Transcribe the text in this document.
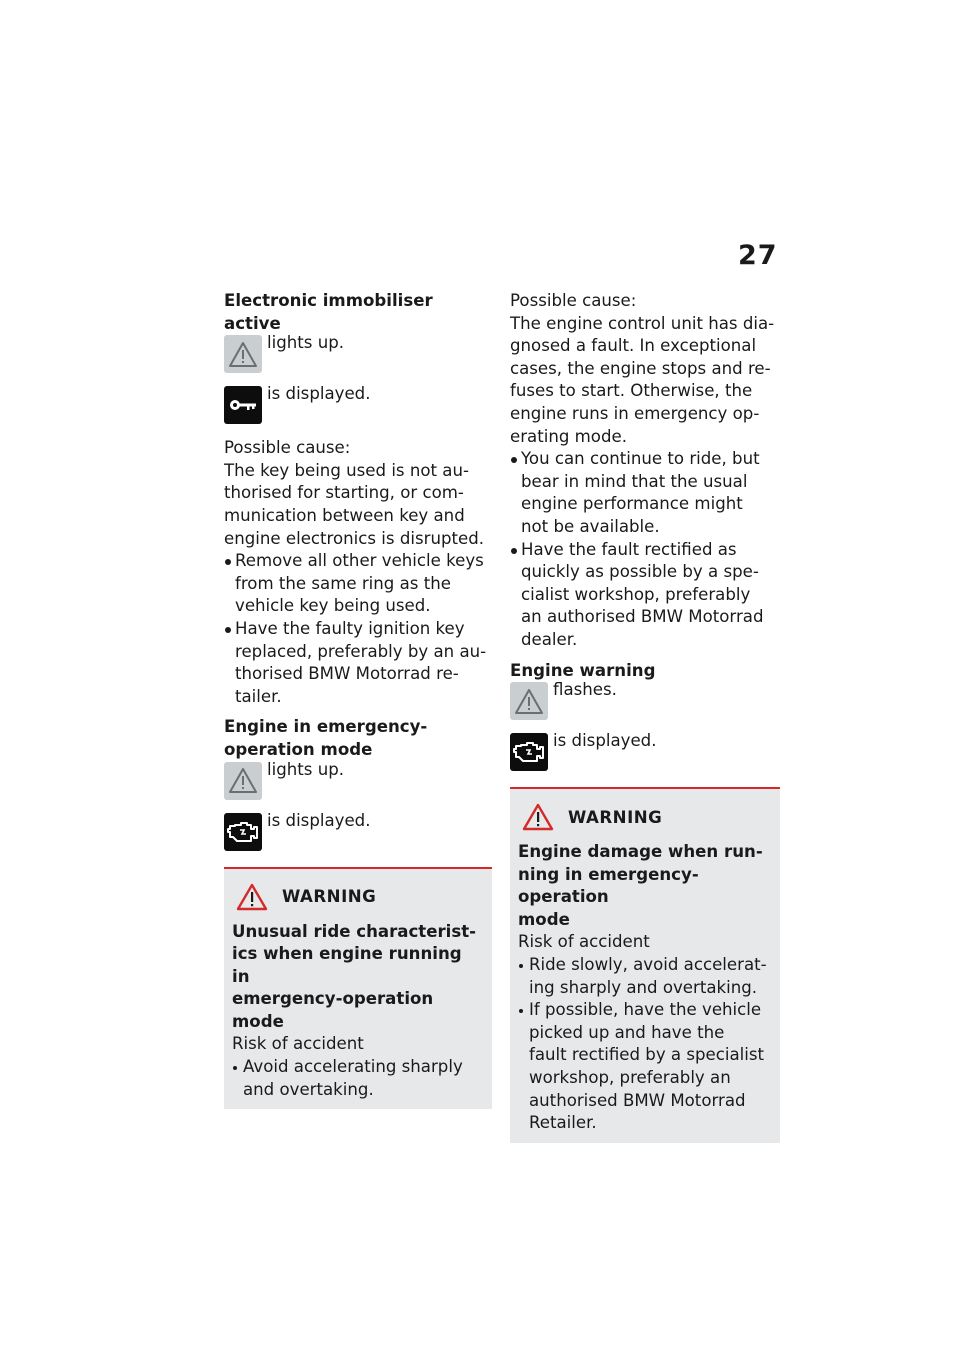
27
Electronic immobiliser active
lights up.
is displayed.
Possible cause:
The key being used is not au-
thorised for starting, or com-
munication between key and
engine electronics is disrupted.
Remove all other vehicle keys
from the same ring as the
vehicle key being used.
Have the faulty ignition key
replaced, preferably by an au-
thorised BMW Motorrad re-
tailer.
Engine in emergency-
operation mode
lights up.
is displayed.
WARNING
Unusual ride characterist-
ics when engine running in
emergency-operation mode
Risk of accident
Avoid accelerating sharply
and overtaking.
Possible cause:
The engine control unit has dia-
gnosed a fault. In exceptional
cases, the engine stops and re-
fuses to start. Otherwise, the
engine runs in emergency op-
erating mode.
You can continue to ride, but
bear in mind that the usual
engine performance might
not be available.
Have the fault rectified as
quickly as possible by a spe-
cialist workshop, preferably
an authorised BMW Motorrad
dealer.
Engine warning
flashes.
is displayed.
WARNING
Engine damage when run-
ning in emergency-operation
mode
Risk of accident
Ride slowly, avoid accelerat-
ing sharply and overtaking.
If possible, have the vehicle
picked up and have the
fault rectified by a specialist
workshop, preferably an
authorised BMW Motorrad
Retailer.
